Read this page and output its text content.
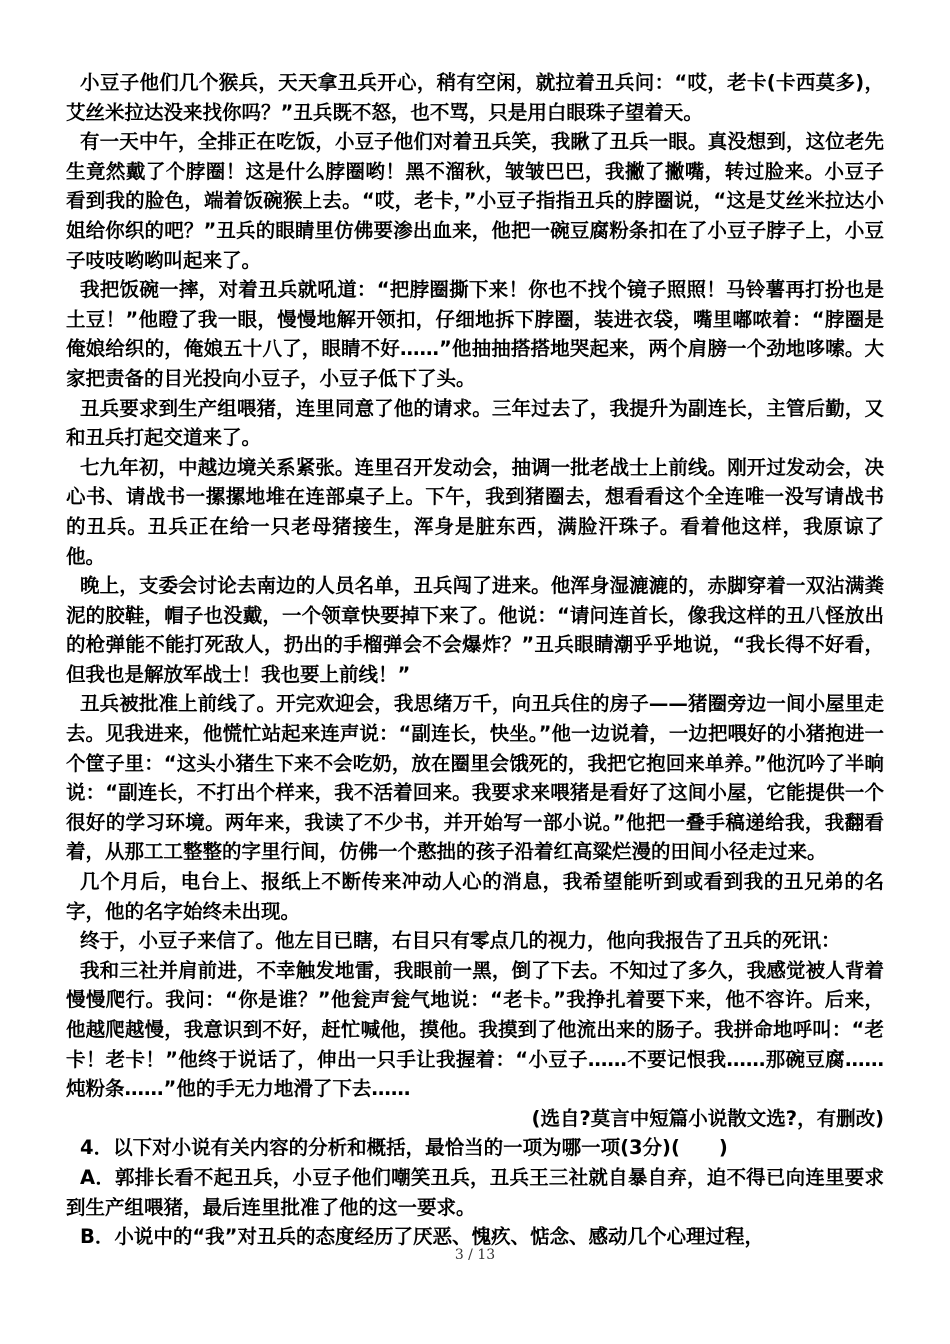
小豆子他们几个猴兵，天天拿丑兵开心，稍有空闲，就拉着丑兵问：“哎，老卡(卡西莫多)，艾丝米拉达没来找你吗？”丑兵既不怒，也不骂，只是用白眼珠子望着天。

有一天中午，全排正在吃饭，小豆子他们对着丑兵笑，我瞅了丑兵一眼。真没想到，这位老先生竟然戴了个脖圈！这是什么脖圈哟！黑不溜秋，皱皱巴巴，我撇了撇嘴，转过脸来。小豆子看到我的脸色，端着饭碗猴上去。“哎，老卡，”小豆子指指丑兵的脖圈说，“这是艾丝米拉达小姐给你织的吧？”丑兵的眼睛里仿佛要渗出血来，他把一碗豆腐粉条扣在了小豆子脖子上，小豆子吱吱哟哟叫起来了。

我把饭碗一摔，对着丑兵就吼道：“把脖圈撕下来！你也不找个镜子照照！马铃薯再打扮也是土豆！”他瞪了我一眼，慢慢地解开领扣，仔细地拆下脖圈，装进衣袋，嘴里嘟哝着：“脖圈是俺娘给织的，俺娘五十八了，眼睛不好……”他抽抽搭搭地哭起来，两个肩膀一个劲地哆嗦。大家把责备的目光投向小豆子，小豆子低下了头。

丑兵要求到生产组喂猪，连里同意了他的请求。三年过去了，我提升为副连长，主管后勤，又和丑兵打起交道来了。

七九年初，中越边境关系紧张。连里召开发动会，抽调一批老战士上前线。刚开过发动会，决心书、请战书一摞摞地堆在连部桌子上。下午，我到猪圈去，想看看这个全连唯一没写请战书的丑兵。丑兵正在给一只老母猪接生，浑身是脏东西，满脸汗珠子。看着他这样，我原谅了他。

晚上，支委会讨论去南边的人员名单，丑兵闯了进来。他浑身湿漉漉的，赤脚穿着一双沾满粪泥的胶鞋，帽子也没戴，一个领章快要掉下来了。他说：“请问连首长，像我这样的丑八怪放出的枪弹能不能打死敌人，扔出的手榴弹会不会爆炸？”丑兵眼睛潮乎乎地说，“我长得不好看，但我也是解放军战士！我也要上前线！”

丑兵被批准上前线了。开完欢迎会，我思绪万千，向丑兵住的房子——猪圈旁边一间小屋里走去。见我进来，他慌忙站起来连声说：“副连长，快坐。”他一边说着，一边把喂好的小猪抱进一个筐子里：“这头小猪生下来不会吃奶，放在圈里会饿死的，我把它抱回来单养。”他沉吟了半晌说：“副连长，不打出个样来，我不活着回来。我要求来喂猪是看好了这间小屋，它能提供一个很好的学习环境。两年来，我读了不少书，并开始写一部小说。”他把一叠手稿递给我，我翻看着，从那工工整整的字里行间，仿佛一个憨拙的孩子沿着红高粱烂漫的田间小径走过来。

几个月后，电台上、报纸上不断传来冲动人心的消息，我希望能听到或看到我的丑兄弟的名字，他的名字始终未出现。

终于，小豆子来信了。他左目已瞎，右目只有零点几的视力，他向我报告了丑兵的死讯：

我和三社并肩前进，不幸触发地雷，我眼前一黑，倒了下去。不知过了多久，我感觉被人背着慢慢爬行。我问：“你是谁？”他瓮声瓮气地说：“老卡。”我挣扎着要下来，他不容许。后来，他越爬越慢，我意识到不好，赶忙喊他，摸他。我摸到了他流出来的肠子。我拼命地呼叫：“老卡！老卡！”他终于说话了，伸出一只手让我握着：“小豆子……不要记恨我……那碗豆腐……炖粉条……”他的手无力地滑了下去……

(选自?莫言中短篇小说散文选?，有删改)

4．以下对小说有关内容的分析和概括，最恰当的一项为哪一项(3分)(　　)

A．郭排长看不起丑兵，小豆子他们嘲笑丑兵，丑兵王三社就自暴自弃，迫不得已向连里要求到生产组喂猪，最后连里批准了他的这一要求。

B．小说中的“我”对丑兵的态度经历了厌恶、愧疚、惦念、感动几个心理过程，

3 / 13
